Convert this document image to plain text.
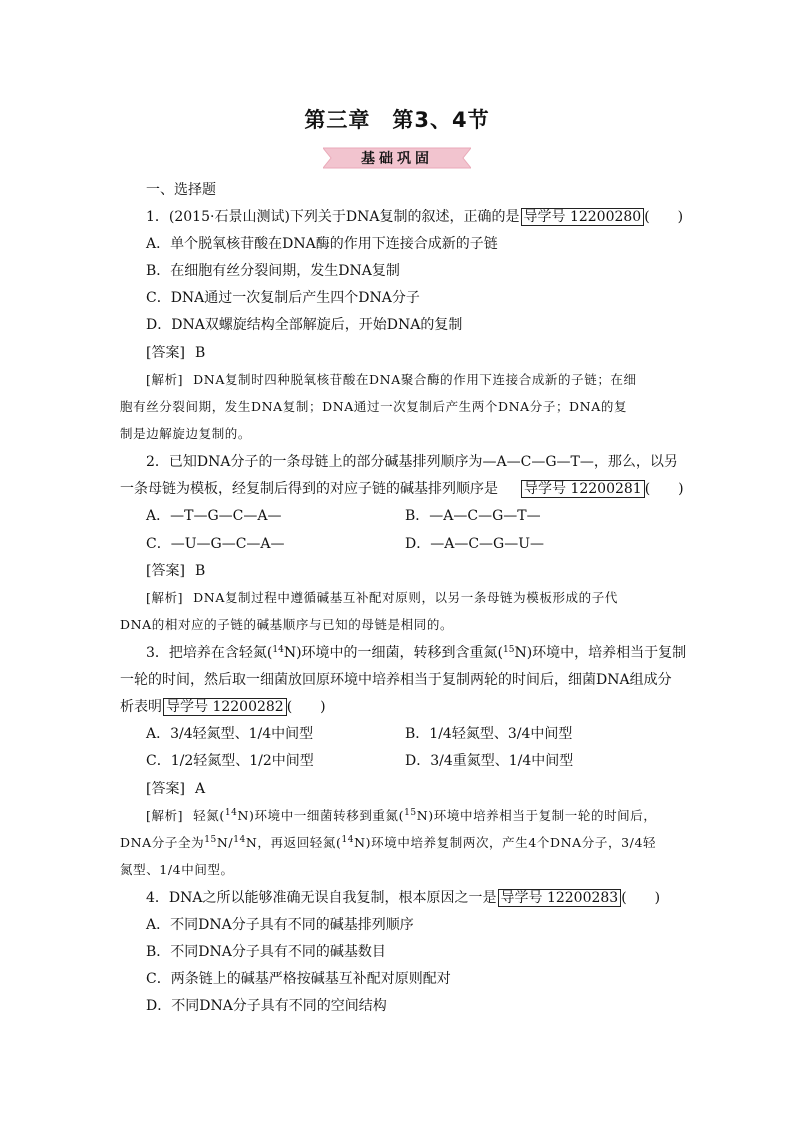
第三章　第3、4节
基础巩固
一、选择题
1．(2015·石景山测试)下列关于DNA复制的叙述，正确的是 导学号 12200280 (　　)
A．单个脱氧核苷酸在DNA酶的作用下连接合成新的子链
B．在细胞有丝分裂间期，发生DNA复制
C．DNA通过一次复制后产生四个DNA分子
D．DNA双螺旋结构全部解旋后，开始DNA的复制
[答案] B
[解析] DNA复制时四种脱氧核苷酸在DNA聚合酶的作用下连接合成新的子链；在细
胞有丝分裂间期，发生DNA复制；DNA通过一次复制后产生两个DNA分子；DNA的复
制是边解旋边复制的。
2．已知DNA分子的一条母链上的部分碱基排列顺序为—A—C—G—T—，那么，以另
一条母链为模板，经复制后得到的对应子链的碱基排列顺序是 导学号 12200281 (　　)
A．—T—G—C—A—	B．—A—C—G—T—
C．—U—G—C—A—	D．—A—C—G—U—
[答案] B
[解析] DNA复制过程中遵循碱基互补配对原则，以另一条母链为模板形成的子代
DNA的相对应的子链的碱基顺序与已知的母链是相同的。
3．把培养在含轻氮($^{14}$N)环境中的一细菌，转移到含重氮($^{15}$N)环境中，培养相当于复制
一轮的时间，然后取一细菌放回原环境中培养相当于复制两轮的时间后，细菌DNA组成分
析表明 导学号 12200282 (　　)
A．3/4轻氮型、1/4中间型	B．1/4轻氮型、3/4中间型
C．1/2轻氮型、1/2中间型	D．3/4重氮型、1/4中间型
[答案] A
[解析] 轻氮($^{14}$N)环境中一细菌转移到重氮($^{15}$N)环境中培养相当于复制一轮的时间后，
DNA分子全为$^{15}$N/$^{14}$N，再返回轻氮($^{14}$N)环境中培养复制两次，产生4个DNA分子，3/4轻
氮型、1/4中间型。
4．DNA之所以能够准确无误自我复制，根本原因之一是 导学号 12200283 (　　)
A．不同DNA分子具有不同的碱基排列顺序
B．不同DNA分子具有不同的碱基数目
C．两条链上的碱基严格按碱基互补配对原则配对
D．不同DNA分子具有不同的空间结构
